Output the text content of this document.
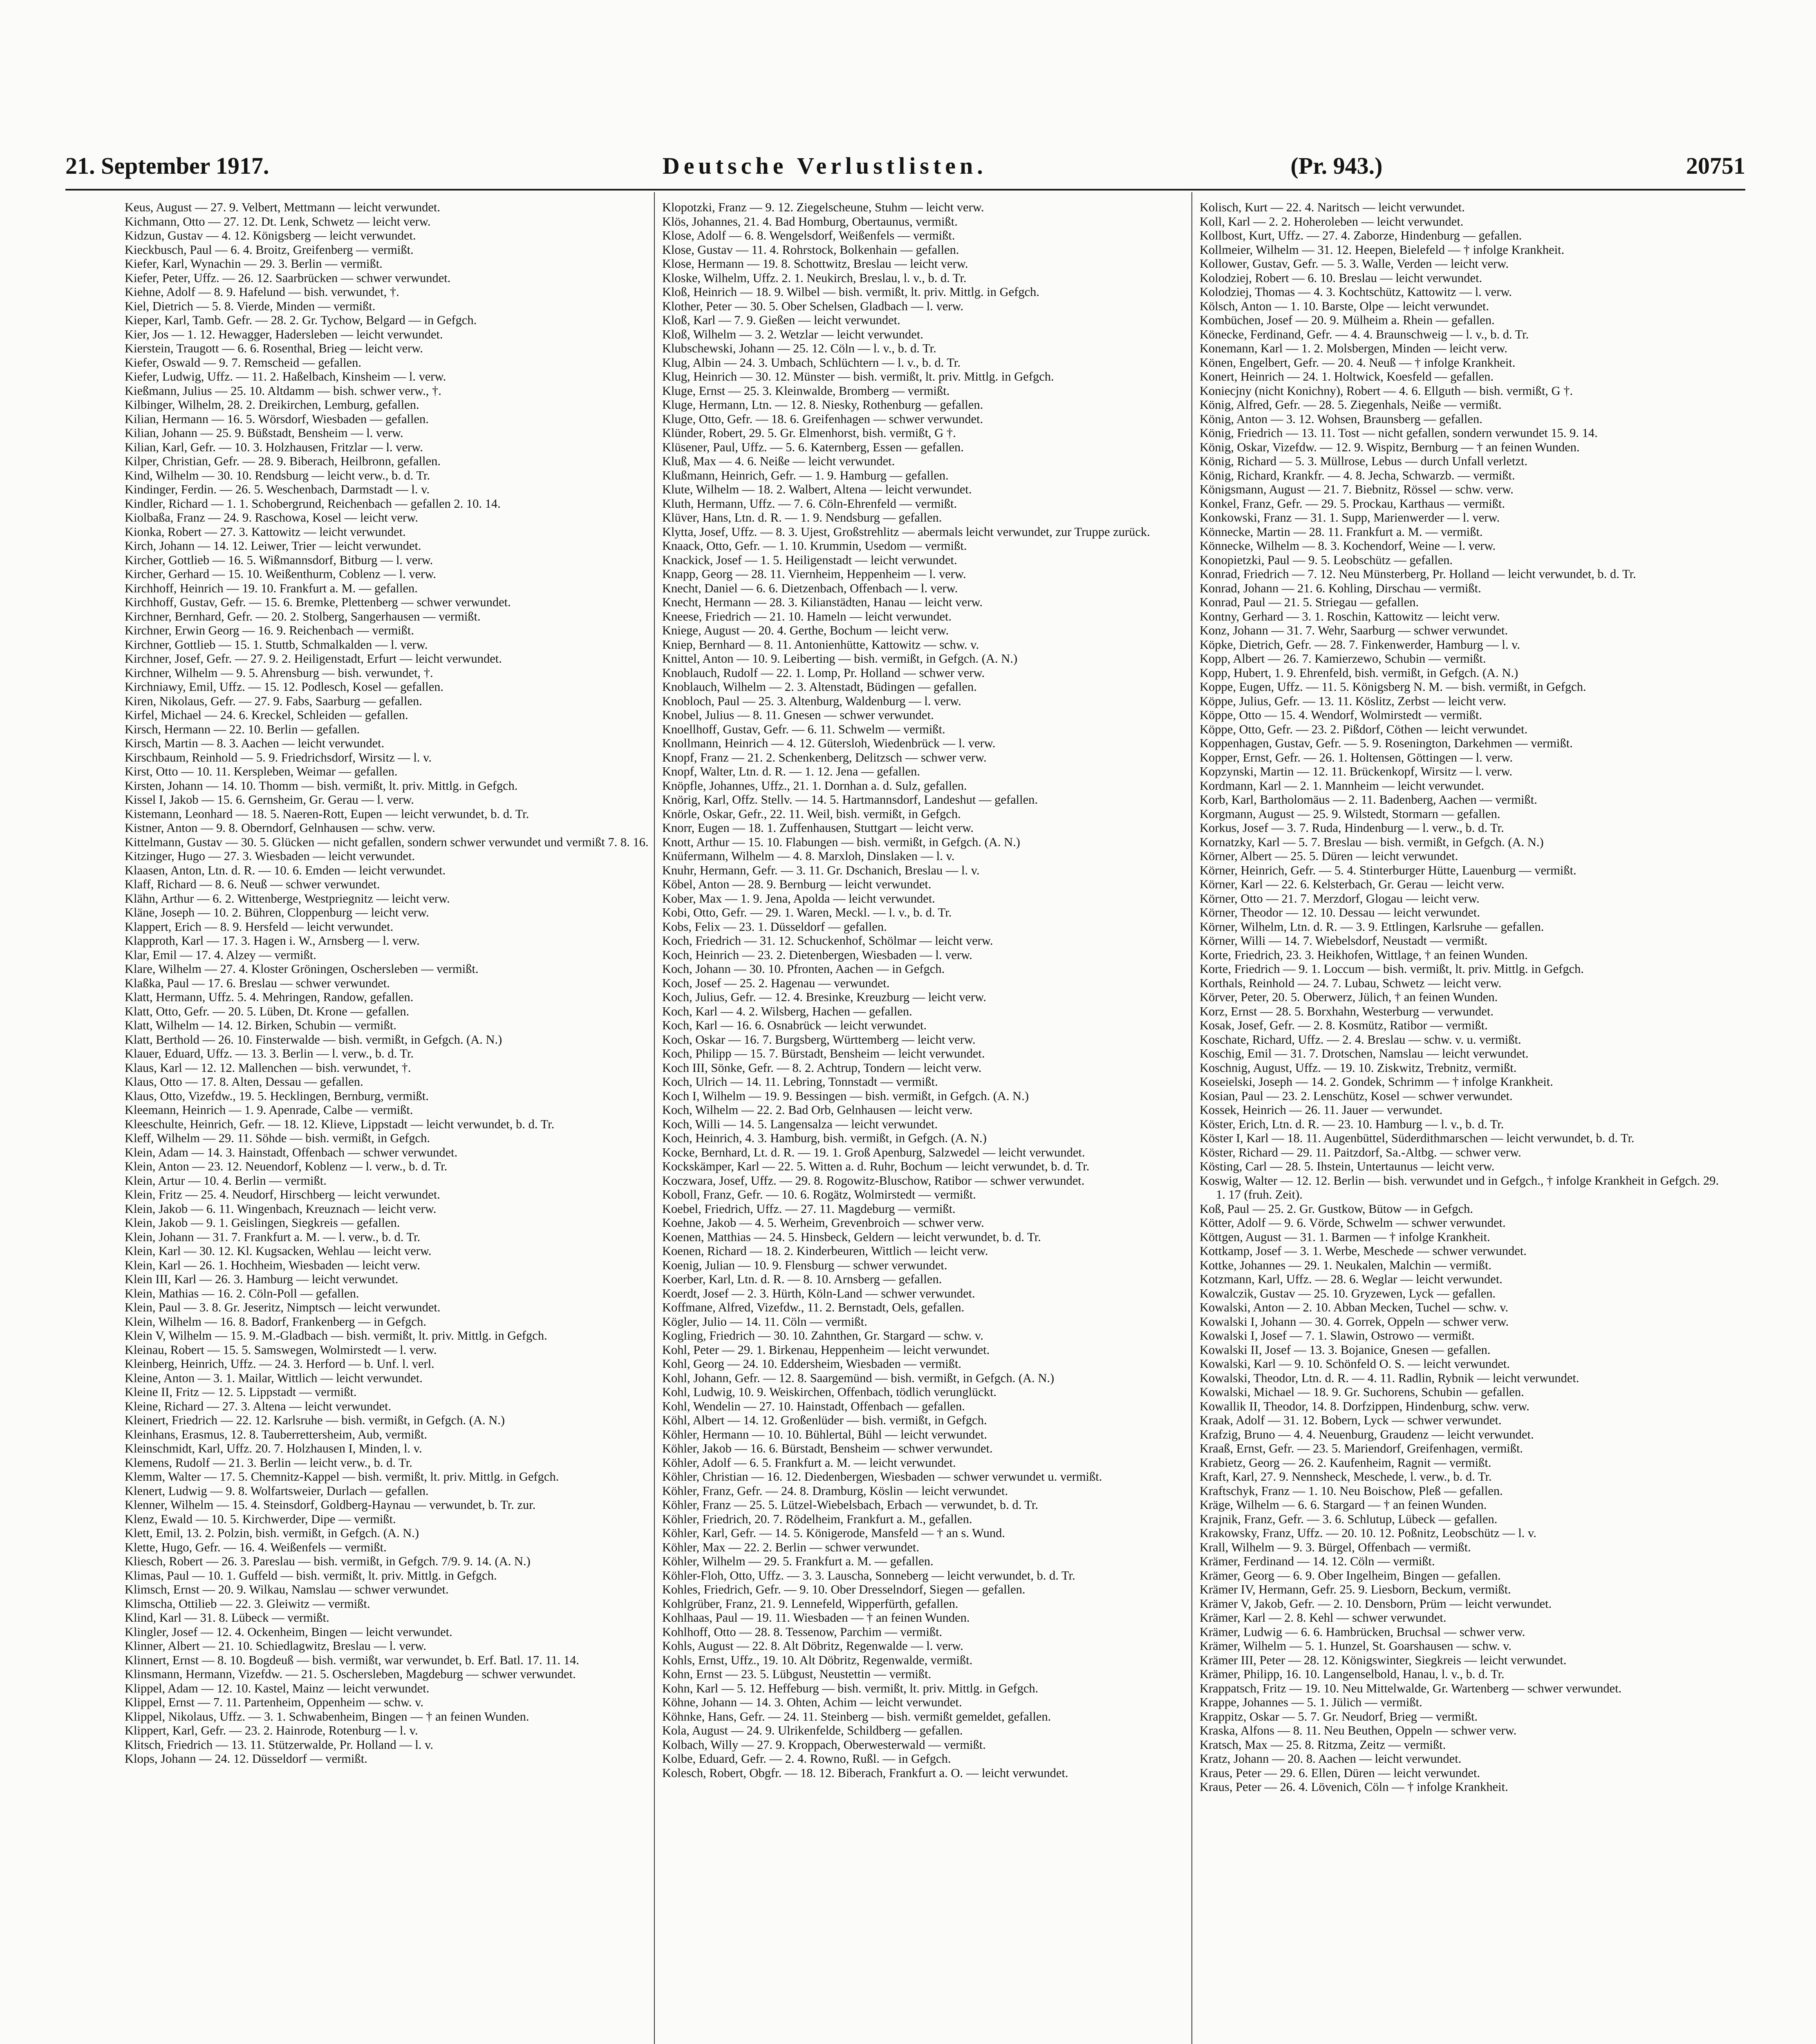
21. September 1917.	Deutsche Verlustlisten.	(Pr. 943.)	20751
Keus, August — 27. 9. Velbert, Mettmann — leicht verwundet.
Kichmann, Otto — 27. 12. Dt. Lenk, Schwetz — leicht verw.
Kidzun, Gustav — 4. 12. Königsberg — leicht verwundet.
Kieckbusch, Paul — 6. 4. Broitz, Greifenberg — vermißt.
Kiefer, Karl, Wynachin — 29. 3. Berlin — vermißt.
Kiefer, Peter, Uffz. — 26. 12. Saarbrücken — schwer verwundet.
Kiehne, Adolf — 8. 9. Hafelund — bish. verwundet, †.
Kiel, Dietrich — 5. 8. Vierde, Minden — vermißt.
Kieper, Karl, Tamb. Gefr. — 28. 2. Gr. Tychow, Belgard — in Gefgch.
Kier, Jos — 1. 12. Hewagger, Hadersleben — leicht verwundet.
Kierstein, Traugott — 6. 6. Rosenthal, Brieg — leicht verw.
Kiefer, Oswald — 9. 7. Remscheid — gefallen.
Kiefer, Ludwig, Uffz. — 11. 2. Haßelbach, Kinsheim — l. verw.
Kießmann, Julius — 25. 10. Altdamm — bish. schwer verw., †.
Kilbinger, Wilhelm, 28. 2. Dreikirchen, Lemburg, gefallen.
Kilian, Hermann — 16. 5. Wörsdorf, Wiesbaden — gefallen.
Kilian, Johann — 25. 9. Büßstadt, Bensheim — l. verw.
Kilian, Karl, Gefr. — 10. 3. Holzhausen, Fritzlar — l. verw.
Kilper, Christian, Gefr. — 28. 9. Biberach, Heilbronn, gefallen.
Kind, Wilhelm — 30. 10. Rendsburg — leicht verw., b. d. Tr.
Kindinger, Ferdin. — 26. 5. Weschenbach, Darmstadt — l. v.
Kindler, Richard — 1. 1. Schobergrund, Reichenbach — gefallen 2. 10. 14.
Kiolbaßa, Franz — 24. 9. Raschowa, Kosel — leicht verw.
Kionka, Robert — 27. 3. Kattowitz — leicht verwundet.
Kirch, Johann — 14. 12. Leiwer, Trier — leicht verwundet.
Kircher, Gottlieb — 16. 5. Wißmannsdorf, Bitburg — l. verw.
Kircher, Gerhard — 15. 10. Weißenthurm, Coblenz — l. verw.
Kirchhoff, Heinrich — 19. 10. Frankfurt a. M. — gefallen.
Kirchhoff, Gustav, Gefr. — 15. 6. Bremke, Plettenberg — schwer verwundet.
Kirchner, Bernhard, Gefr. — 20. 2. Stolberg, Sangerhausen — vermißt.
Kirchner, Erwin Georg — 16. 9. Reichenbach — vermißt.
Kirchner, Gottlieb — 15. 1. Stuttb, Schmalkalden — l. verw.
Kirchner, Josef, Gefr. — 27. 9. 2. Heiligenstadt, Erfurt — leicht verwundet.
Kirchner, Wilhelm — 9. 5. Ahrensburg — bish. verwundet, †.
Kirchniawy, Emil, Uffz. — 15. 12. Podlesch, Kosel — gefallen.
Kiren, Nikolaus, Gefr. — 27. 9. Fabs, Saarburg — gefallen.
Kirfel, Michael — 24. 6. Kreckel, Schleiden — gefallen.
Kirsch, Hermann — 22. 10. Berlin — gefallen.
Kirsch, Martin — 8. 3. Aachen — leicht verwundet.
Kirschbaum, Reinhold — 5. 9. Friedrichsdorf, Wirsitz — l. v.
Kirst, Otto — 10. 11. Kerspleben, Weimar — gefallen.
Kirsten, Johann — 14. 10. Thomm — bish. vermißt, lt. priv. Mittlg. in Gefgch.
Kissel I, Jakob — 15. 6. Gernsheim, Gr. Gerau — l. verw.
Kistemann, Leonhard — 18. 5. Naeren-Rott, Eupen — leicht verwundet, b. d. Tr.
Kistner, Anton — 9. 8. Oberndorf, Gelnhausen — schw. verw.
Kittelmann, Gustav — 30. 5. Glücken — nicht gefallen, sondern schwer verwundet und vermißt 7. 8. 16.
Kitzinger, Hugo — 27. 3. Wiesbaden — leicht verwundet.
Klaasen, Anton, Ltn. d. R. — 10. 6. Emden — leicht verwundet.
Klaff, Richard — 8. 6. Neuß — schwer verwundet.
Klähn, Arthur — 6. 2. Wittenberge, Westpriegnitz — leicht verw.
Kläne, Joseph — 10. 2. Bühren, Cloppenburg — leicht verw.
Klappert, Erich — 8. 9. Hersfeld — leicht verwundet.
Klapproth, Karl — 17. 3. Hagen i. W., Arnsberg — l. verw.
Klar, Emil — 17. 4. Alzey — vermißt.
Klare, Wilhelm — 27. 4. Kloster Gröningen, Oschersleben — vermißt.
Klaßka, Paul — 17. 6. Breslau — schwer verwundet.
Klatt, Hermann, Uffz. 5. 4. Mehringen, Randow, gefallen.
Klatt, Otto, Gefr. — 20. 5. Lüben, Dt. Krone — gefallen.
Klatt, Wilhelm — 14. 12. Birken, Schubin — vermißt.
Klatt, Berthold — 26. 10. Finsterwalde — bish. vermißt, in Gefgch. (A. N.)
Klauer, Eduard, Uffz. — 13. 3. Berlin — l. verw., b. d. Tr.
Klaus, Karl — 12. 12. Mallenchen — bish. verwundet, †.
Klaus, Otto — 17. 8. Alten, Dessau — gefallen.
Klaus, Otto, Vizefdw., 19. 5. Hecklingen, Bernburg, vermißt.
Kleemann, Heinrich — 1. 9. Apenrade, Calbe — vermißt.
Kleeschulte, Heinrich, Gefr. — 18. 12. Klieve, Lippstadt — leicht verwundet, b. d. Tr.
Kleff, Wilhelm — 29. 11. Söhde — bish. vermißt, in Gefgch.
Klein, Adam — 14. 3. Hainstadt, Offenbach — schwer verwundet.
Klein, Anton — 23. 12. Neuendorf, Koblenz — l. verw., b. d. Tr.
Klein, Artur — 10. 4. Berlin — vermißt.
Klein, Fritz — 25. 4. Neudorf, Hirschberg — leicht verwundet.
Klein, Jakob — 6. 11. Wingenbach, Kreuznach — leicht verw.
Klein, Jakob — 9. 1. Geislingen, Siegkreis — gefallen.
Klein, Johann — 31. 7. Frankfurt a. M. — l. verw., b. d. Tr.
Klein, Karl — 30. 12. Kl. Kugsacken, Wehlau — leicht verw.
Klein, Karl — 26. 1. Hochheim, Wiesbaden — leicht verw.
Klein III, Karl — 26. 3. Hamburg — leicht verwundet.
Klein, Mathias — 16. 2. Cöln-Poll — gefallen.
Klein, Paul — 3. 8. Gr. Jeseritz, Nimptsch — leicht verwundet.
Klein, Wilhelm — 16. 8. Badorf, Frankenberg — in Gefgch.
Klein V, Wilhelm — 15. 9. M.-Gladbach — bish. vermißt, lt. priv. Mittlg. in Gefgch.
Kleinau, Robert — 15. 5. Samswegen, Wolmirstedt — l. verw.
Kleinberg, Heinrich, Uffz. — 24. 3. Herford — b. Unf. l. verl.
Kleine, Anton — 3. 1. Mailar, Wittlich — leicht verwundet.
Kleine II, Fritz — 12. 5. Lippstadt — vermißt.
Kleine, Richard — 27. 3. Altena — leicht verwundet.
Kleinert, Friedrich — 22. 12. Karlsruhe — bish. vermißt, in Gefgch. (A. N.)
Kleinhans, Erasmus, 12. 8. Tauberrettersheim, Aub, vermißt.
Kleinschmidt, Karl, Uffz. 20. 7. Holzhausen I, Minden, l. v.
Klemens, Rudolf — 21. 3. Berlin — leicht verw., b. d. Tr.
Klemm, Walter — 17. 5. Chemnitz-Kappel — bish. vermißt, lt. priv. Mittlg. in Gefgch.
Klenert, Ludwig — 9. 8. Wolfartsweier, Durlach — gefallen.
Klenner, Wilhelm — 15. 4. Steinsdorf, Goldberg-Haynau — verwundet, b. Tr. zur.
Klenz, Ewald — 10. 5. Kirchwerder, Dipe — vermißt.
Klett, Emil, 13. 2. Polzin, bish. vermißt, in Gefgch. (A. N.)
Klette, Hugo, Gefr. — 16. 4. Weißenfels — vermißt.
Kliesch, Robert — 26. 3. Pareslau — bish. vermißt, in Gefgch. 7/9. 9. 14. (A. N.)
Klimas, Paul — 10. 1. Guffeld — bish. vermißt, lt. priv. Mittlg. in Gefgch.
Klimsch, Ernst — 20. 9. Wilkau, Namslau — schwer verwundet.
Klimscha, Ottilieb — 22. 3. Gleiwitz — vermißt.
Klind, Karl — 31. 8. Lübeck — vermißt.
Klingler, Josef — 12. 4. Ockenheim, Bingen — leicht verwundet.
Klinner, Albert — 21. 10. Schiedlagwitz, Breslau — l. verw.
Klinnert, Ernst — 8. 10. Bogdeuß — bish. vermißt, war verwundet, b. Erf. Batl. 17. 11. 14.
Klinsmann, Hermann, Vizefdw. — 21. 5. Oschersleben, Magdeburg — schwer verwundet.
Klippel, Adam — 12. 10. Kastel, Mainz — leicht verwundet.
Klippel, Ernst — 7. 11. Partenheim, Oppenheim — schw. v.
Klippel, Nikolaus, Uffz. — 3. 1. Schwabenheim, Bingen — † an feinen Wunden.
Klippert, Karl, Gefr. — 23. 2. Hainrode, Rotenburg — l. v.
Klitsch, Friedrich — 13. 11. Stützerwalde, Pr. Holland — l. v.
Klops, Johann — 24. 12. Düsseldorf — vermißt.
Klopotzki, Franz — 9. 12. Ziegelscheune, Stuhm — leicht verw.
Klös, Johannes, 21. 4. Bad Homburg, Obertaunus, vermißt.
Klose, Adolf — 6. 8. Wengelsdorf, Weißenfels — vermißt.
Klose, Gustav — 11. 4. Rohrstock, Bolkenhain — gefallen.
Klose, Hermann — 19. 8. Schottwitz, Breslau — leicht verw.
Kloske, Wilhelm, Uffz. 2. 1. Neukirch, Breslau, l. v., b. d. Tr.
Kloß, Heinrich — 18. 9. Wilbel — bish. vermißt, lt. priv. Mittlg. in Gefgch.
Klother, Peter — 30. 5. Ober Schelsen, Gladbach — l. verw.
Kloß, Karl — 7. 9. Gießen — leicht verwundet.
Kloß, Wilhelm — 3. 2. Wetzlar — leicht verwundet.
Klubschewski, Johann — 25. 12. Cöln — l. v., b. d. Tr.
Klug, Albin — 24. 3. Umbach, Schlüchtern — l. v., b. d. Tr.
Klug, Heinrich — 30. 12. Münster — bish. vermißt, lt. priv. Mittlg. in Gefgch.
Kluge, Ernst — 25. 3. Kleinwalde, Bromberg — vermißt.
Kluge, Hermann, Ltn. — 12. 8. Niesky, Rothenburg — gefallen.
Kluge, Otto, Gefr. — 18. 6. Greifenhagen — schwer verwundet.
Klünder, Robert, 29. 5. Gr. Elmenhorst, bish. vermißt, G †.
Klüsener, Paul, Uffz. — 5. 6. Katernberg, Essen — gefallen.
Kluß, Max — 4. 6. Neiße — leicht verwundet.
Klußmann, Heinrich, Gefr. — 1. 9. Hamburg — gefallen.
Klute, Wilhelm — 18. 2. Walbert, Altena — leicht verwundet.
Kluth, Hermann, Uffz. — 7. 6. Cöln-Ehrenfeld — vermißt.
Klüver, Hans, Ltn. d. R. — 1. 9. Nendsburg — gefallen.
Klytta, Josef, Uffz. — 8. 3. Ujest, Großstrehlitz — abermals leicht verwundet, zur Truppe zurück.
Knaack, Otto, Gefr. — 1. 10. Krummin, Usedom — vermißt.
Knackick, Josef — 1. 5. Heiligenstadt — leicht verwundet.
Knapp, Georg — 28. 11. Viernheim, Heppenheim — l. verw.
Knecht, Daniel — 6. 6. Dietzenbach, Offenbach — l. verw.
Knecht, Hermann — 28. 3. Kilianstädten, Hanau — leicht verw.
Kneese, Friedrich — 21. 10. Hameln — leicht verwundet.
Kniege, August — 20. 4. Gerthe, Bochum — leicht verw.
Kniep, Bernhard — 8. 11. Antonienhütte, Kattowitz — schw. v.
Knittel, Anton — 10. 9. Leiberting — bish. vermißt, in Gefgch. (A. N.)
Knoblauch, Rudolf — 22. 1. Lomp, Pr. Holland — schwer verw.
Knoblauch, Wilhelm — 2. 3. Altenstadt, Büdingen — gefallen.
Knobloch, Paul — 25. 3. Altenburg, Waldenburg — l. verw.
Knobel, Julius — 8. 11. Gnesen — schwer verwundet.
Knoellhoff, Gustav, Gefr. — 6. 11. Schwelm — vermißt.
Knollmann, Heinrich — 4. 12. Gütersloh, Wiedenbrück — l. verw.
Knopf, Franz — 21. 2. Schenkenberg, Delitzsch — schwer verw.
Knopf, Walter, Ltn. d. R. — 1. 12. Jena — gefallen.
Knöpfle, Johannes, Uffz., 21. 1. Dornhan a. d. Sulz, gefallen.
Knörig, Karl, Offz. Stellv. — 14. 5. Hartmannsdorf, Landeshut — gefallen.
Knörle, Oskar, Gefr., 22. 11. Weil, bish. vermißt, in Gefgch.
Knorr, Eugen — 18. 1. Zuffenhausen, Stuttgart — leicht verw.
Knott, Arthur — 15. 10. Flabungen — bish. vermißt, in Gefgch. (A. N.)
Knüfermann, Wilhelm — 4. 8. Marxloh, Dinslaken — l. v.
Knuhr, Hermann, Gefr. — 3. 11. Gr. Dschanich, Breslau — l. v.
Köbel, Anton — 28. 9. Bernburg — leicht verwundet.
Kober, Max — 1. 9. Jena, Apolda — leicht verwundet.
Kobi, Otto, Gefr. — 29. 1. Waren, Meckl. — l. v., b. d. Tr.
Kobs, Felix — 23. 1. Düsseldorf — gefallen.
Koch, Friedrich — 31. 12. Schuckenhof, Schölmar — leicht verw.
Koch, Heinrich — 23. 2. Dietenbergen, Wiesbaden — l. verw.
Koch, Johann — 30. 10. Pfronten, Aachen — in Gefgch.
Koch, Josef — 25. 2. Hagenau — verwundet.
Koch, Julius, Gefr. — 12. 4. Bresinke, Kreuzburg — leicht verw.
Koch, Karl — 4. 2. Wilsberg, Hachen — gefallen.
Koch, Karl — 16. 6. Osnabrück — leicht verwundet.
Koch, Oskar — 16. 7. Burgsberg, Württemberg — leicht verw.
Koch, Philipp — 15. 7. Bürstadt, Bensheim — leicht verwundet.
Koch III, Sönke, Gefr. — 8. 2. Achtrup, Tondern — leicht verw.
Koch, Ulrich — 14. 11. Lebring, Tonnstadt — vermißt.
Koch I, Wilhelm — 19. 9. Bessingen — bish. vermißt, in Gefgch. (A. N.)
Koch, Wilhelm — 22. 2. Bad Orb, Gelnhausen — leicht verw.
Koch, Willi — 14. 5. Langensalza — leicht verwundet.
Koch, Heinrich, 4. 3. Hamburg, bish. vermißt, in Gefgch. (A. N.)
Kocke, Bernhard, Lt. d. R. — 19. 1. Groß Apenburg, Salzwedel — leicht verwundet.
Kockskämper, Karl — 22. 5. Witten a. d. Ruhr, Bochum — leicht verwundet, b. d. Tr.
Koczwara, Josef, Uffz. — 29. 8. Rogowitz-Bluschow, Ratibor — schwer verwundet.
Koboll, Franz, Gefr. — 10. 6. Rogätz, Wolmirstedt — vermißt.
Koebel, Friedrich, Uffz. — 27. 11. Magdeburg — vermißt.
Koehne, Jakob — 4. 5. Werheim, Grevenbroich — schwer verw.
Koenen, Matthias — 24. 5. Hinsbeck, Geldern — leicht verwundet, b. d. Tr.
Koenen, Richard — 18. 2. Kinderbeuren, Wittlich — leicht verw.
Koenig, Julian — 10. 9. Flensburg — schwer verwundet.
Koerber, Karl, Ltn. d. R. — 8. 10. Arnsberg — gefallen.
Koerdt, Josef — 2. 3. Hürth, Köln-Land — schwer verwundet.
Koffmane, Alfred, Vizefdw., 11. 2. Bernstadt, Oels, gefallen.
Kögler, Julio — 14. 11. Cöln — vermißt.
Kogling, Friedrich — 30. 10. Zahnthen, Gr. Stargard — schw. v.
Kohl, Peter — 29. 1. Birkenau, Heppenheim — leicht verwundet.
Kohl, Georg — 24. 10. Eddersheim, Wiesbaden — vermißt.
Kohl, Johann, Gefr. — 12. 8. Saargemünd — bish. vermißt, in Gefgch. (A. N.)
Kohl, Ludwig, 10. 9. Weiskirchen, Offenbach, tödlich verunglückt.
Kohl, Wendelin — 27. 10. Hainstadt, Offenbach — gefallen.
Köhl, Albert — 14. 12. Großenlüder — bish. vermißt, in Gefgch.
Köhler, Hermann — 10. 10. Bühlertal, Bühl — leicht verwundet.
Köhler, Jakob — 16. 6. Bürstadt, Bensheim — schwer verwundet.
Köhler, Adolf — 6. 5. Frankfurt a. M. — leicht verwundet.
Köhler, Christian — 16. 12. Diedenbergen, Wiesbaden — schwer verwundet u. vermißt.
Köhler, Franz, Gefr. — 24. 8. Dramburg, Köslin — leicht verwundet.
Köhler, Franz — 25. 5. Lützel-Wiebelsbach, Erbach — verwundet, b. d. Tr.
Köhler, Friedrich, 20. 7. Rödelheim, Frankfurt a. M., gefallen.
Köhler, Karl, Gefr. — 14. 5. Königerode, Mansfeld — † an s. Wund.
Köhler, Max — 22. 2. Berlin — schwer verwundet.
Köhler, Wilhelm — 29. 5. Frankfurt a. M. — gefallen.
Köhler-Floh, Otto, Uffz. — 3. 3. Lauscha, Sonneberg — leicht verwundet, b. d. Tr.
Kohles, Friedrich, Gefr. — 9. 10. Ober Dresselndorf, Siegen — gefallen.
Kohlgrüber, Franz, 21. 9. Lennefeld, Wipperfürth, gefallen.
Kohlhaas, Paul — 19. 11. Wiesbaden — † an feinen Wunden.
Kohlhoff, Otto — 28. 8. Tessenow, Parchim — vermißt.
Kohls, August — 22. 8. Alt Döbritz, Regenwalde — l. verw.
Kohls, Ernst, Uffz., 19. 10. Alt Döbritz, Regenwalde, vermißt.
Kohn, Ernst — 23. 5. Lübgust, Neustettin — vermißt.
Kohn, Karl — 5. 12. Heffeburg — bish. vermißt, lt. priv. Mittlg. in Gefgch.
Köhne, Johann — 14. 3. Ohten, Achim — leicht verwundet.
Köhnke, Hans, Gefr. — 24. 11. Steinberg — bish. vermißt gemeldet, gefallen.
Kola, August — 24. 9. Ulrikenfelde, Schildberg — gefallen.
Kolbach, Willy — 27. 9. Kroppach, Oberwesterwald — vermißt.
Kolbe, Eduard, Gefr. — 2. 4. Rowno, Rußl. — in Gefgch.
Kolesch, Robert, Obgfr. — 18. 12. Biberach, Frankfurt a. O. — leicht verwundet.
Kolisch, Kurt — 22. 4. Naritsch — leicht verwundet.
Koll, Karl — 2. 2. Hoheroleben — leicht verwundet.
Kollbost, Kurt, Uffz. — 27. 4. Zaborze, Hindenburg — gefallen.
Kollmeier, Wilhelm — 31. 12. Heepen, Bielefeld — † infolge Krankheit.
Kollower, Gustav, Gefr. — 5. 3. Walle, Verden — leicht verw.
Kolodziej, Robert — 6. 10. Breslau — leicht verwundet.
Kolodziej, Thomas — 4. 3. Kochtschütz, Kattowitz — l. verw.
Kölsch, Anton — 1. 10. Barste, Olpe — leicht verwundet.
Kombüchen, Josef — 20. 9. Mülheim a. Rhein — gefallen.
Könecke, Ferdinand, Gefr. — 4. 4. Braunschweig — l. v., b. d. Tr.
Konemann, Karl — 1. 2. Molsbergen, Minden — leicht verw.
Könen, Engelbert, Gefr. — 20. 4. Neuß — † infolge Krankheit.
Konert, Heinrich — 24. 1. Holtwick, Koesfeld — gefallen.
Koniecjny (nicht Konichny), Robert — 4. 6. Ellguth — bish. vermißt, G †.
König, Alfred, Gefr. — 28. 5. Ziegenhals, Neiße — vermißt.
König, Anton — 3. 12. Wohsen, Braunsberg — gefallen.
König, Friedrich — 13. 11. Tost — nicht gefallen, sondern verwundet 15. 9. 14.
König, Oskar, Vizefdw. — 12. 9. Wispitz, Bernburg — † an feinen Wunden.
König, Richard — 5. 3. Müllrose, Lebus — durch Unfall verletzt.
König, Richard, Krankfr. — 4. 8. Jecha, Schwarzb. — vermißt.
Königsmann, August — 21. 7. Biebnitz, Rössel — schw. verw.
Konkel, Franz, Gefr. — 29. 5. Prockau, Karthaus — vermißt.
Konkowski, Franz — 31. 1. Supp, Marienwerder — l. verw.
Könnecke, Martin — 28. 11. Frankfurt a. M. — vermißt.
Könnecke, Wilhelm — 8. 3. Kochendorf, Weine — l. verw.
Konopietzki, Paul — 9. 5. Leobschütz — gefallen.
Konrad, Friedrich — 7. 12. Neu Münsterberg, Pr. Holland — leicht verwundet, b. d. Tr.
Konrad, Johann — 21. 6. Kohling, Dirschau — vermißt.
Konrad, Paul — 21. 5. Striegau — gefallen.
Kontny, Gerhard — 3. 1. Roschin, Kattowitz — leicht verw.
Konz, Johann — 31. 7. Wehr, Saarburg — schwer verwundet.
Köpke, Dietrich, Gefr. — 28. 7. Finkenwerder, Hamburg — l. v.
Kopp, Albert — 26. 7. Kamierzewo, Schubin — vermißt.
Kopp, Hubert, 1. 9. Ehrenfeld, bish. vermißt, in Gefgch. (A. N.)
Koppe, Eugen, Uffz. — 11. 5. Königsberg N. M. — bish. vermißt, in Gefgch.
Köppe, Julius, Gefr. — 13. 11. Köslitz, Zerbst — leicht verw.
Köppe, Otto — 15. 4. Wendorf, Wolmirstedt — vermißt.
Köppe, Otto, Gefr. — 23. 2. Pißdorf, Cöthen — leicht verwundet.
Koppenhagen, Gustav, Gefr. — 5. 9. Rosenington, Darkehmen — vermißt.
Kopper, Ernst, Gefr. — 26. 1. Holtensen, Göttingen — l. verw.
Kopzynski, Martin — 12. 11. Brückenkopf, Wirsitz — l. verw.
Kordmann, Karl — 2. 1. Mannheim — leicht verwundet.
Korb, Karl, Bartholomäus — 2. 11. Badenberg, Aachen — vermißt.
Korgmann, August — 25. 9. Wilstedt, Stormarn — gefallen.
Korkus, Josef — 3. 7. Ruda, Hindenburg — l. verw., b. d. Tr.
Kornatzky, Karl — 5. 7. Breslau — bish. vermißt, in Gefgch. (A. N.)
Körner, Albert — 25. 5. Düren — leicht verwundet.
Körner, Heinrich, Gefr. — 5. 4. Stinterburger Hütte, Lauenburg — vermißt.
Körner, Karl — 22. 6. Kelsterbach, Gr. Gerau — leicht verw.
Körner, Otto — 21. 7. Merzdorf, Glogau — leicht verw.
Körner, Theodor — 12. 10. Dessau — leicht verwundet.
Körner, Wilhelm, Ltn. d. R. — 3. 9. Ettlingen, Karlsruhe — gefallen.
Körner, Willi — 14. 7. Wiebelsdorf, Neustadt — vermißt.
Korte, Friedrich, 23. 3. Heikhofen, Wittlage, † an feinen Wunden.
Korte, Friedrich — 9. 1. Loccum — bish. vermißt, lt. priv. Mittlg. in Gefgch.
Korthals, Reinhold — 24. 7. Lubau, Schwetz — leicht verw.
Körver, Peter, 20. 5. Oberwerz, Jülich, † an feinen Wunden.
Korz, Ernst — 28. 5. Borxhahn, Westerburg — verwundet.
Kosak, Josef, Gefr. — 2. 8. Kosmütz, Ratibor — vermißt.
Koschate, Richard, Uffz. — 2. 4. Breslau — schw. v. u. vermißt.
Koschig, Emil — 31. 7. Drotschen, Namslau — leicht verwundet.
Koschnig, August, Uffz. — 19. 10. Ziskwitz, Trebnitz, vermißt.
Koseielski, Joseph — 14. 2. Gondek, Schrimm — † infolge Krankheit.
Kosian, Paul — 23. 2. Lenschütz, Kosel — schwer verwundet.
Kossek, Heinrich — 26. 11. Jauer — verwundet.
Köster, Erich, Ltn. d. R. — 23. 10. Hamburg — l. v., b. d. Tr.
Köster I, Karl — 18. 11. Augenbüttel, Süderdithmarschen — leicht verwundet, b. d. Tr.
Köster, Richard — 29. 11. Paitzdorf, Sa.-Altbg. — schwer verw.
Kösting, Carl — 28. 5. Ihstein, Untertaunus — leicht verw.
Koswig, Walter — 12. 12. Berlin — bish. verwundet und in Gefgch., † infolge Krankheit in Gefgch. 29. 1. 17 (fruh. Zeit).
Koß, Paul — 25. 2. Gr. Gustkow, Bütow — in Gefgch.
Kötter, Adolf — 9. 6. Vörde, Schwelm — schwer verwundet.
Köttgen, August — 31. 1. Barmen — † infolge Krankheit.
Kottkamp, Josef — 3. 1. Werbe, Meschede — schwer verwundet.
Kottke, Johannes — 29. 1. Neukalen, Malchin — vermißt.
Kotzmann, Karl, Uffz. — 28. 6. Weglar — leicht verwundet.
Kowalczik, Gustav — 25. 10. Gryzewen, Lyck — gefallen.
Kowalski, Anton — 2. 10. Abban Mecken, Tuchel — schw. v.
Kowalski I, Johann — 30. 4. Gorrek, Oppeln — schwer verw.
Kowalski I, Josef — 7. 1. Slawin, Ostrowo — vermißt.
Kowalski II, Josef — 13. 3. Bojanice, Gnesen — gefallen.
Kowalski, Karl — 9. 10. Schönfeld O. S. — leicht verwundet.
Kowalski, Theodor, Ltn. d. R. — 4. 11. Radlin, Rybnik — leicht verwundet.
Kowalski, Michael — 18. 9. Gr. Suchorens, Schubin — gefallen.
Kowallik II, Theodor, 14. 8. Dorfzippen, Hindenburg, schw. verw.
Kraak, Adolf — 31. 12. Bobern, Lyck — schwer verwundet.
Krafzig, Bruno — 4. 4. Neuenburg, Graudenz — leicht verwundet.
Kraaß, Ernst, Gefr. — 23. 5. Mariendorf, Greifenhagen, vermißt.
Krabietz, Georg — 26. 2. Kaufenheim, Ragnit — vermißt.
Kraft, Karl, 27. 9. Nennsheck, Meschede, l. verw., b. d. Tr.
Kraftschyk, Franz — 1. 10. Neu Boischow, Pleß — gefallen.
Kräge, Wilhelm — 6. 6. Stargard — † an feinen Wunden.
Krajnik, Franz, Gefr. — 3. 6. Schlutup, Lübeck — gefallen.
Krakowsky, Franz, Uffz. — 20. 10. 12. Poßnitz, Leobschütz — l. v.
Krall, Wilhelm — 9. 3. Bürgel, Offenbach — vermißt.
Krämer, Ferdinand — 14. 12. Cöln — vermißt.
Krämer, Georg — 6. 9. Ober Ingelheim, Bingen — gefallen.
Krämer IV, Hermann, Gefr. 25. 9. Liesborn, Beckum, vermißt.
Krämer V, Jakob, Gefr. — 2. 10. Densborn, Prüm — leicht verwundet.
Krämer, Karl — 2. 8. Kehl — schwer verwundet.
Krämer, Ludwig — 6. 6. Hambrücken, Bruchsal — schwer verw.
Krämer, Wilhelm — 5. 1. Hunzel, St. Goarshausen — schw. v.
Krämer III, Peter — 28. 12. Königswinter, Siegkreis — leicht verwundet.
Krämer, Philipp, 16. 10. Langenselbold, Hanau, l. v., b. d. Tr.
Krappatsch, Fritz — 19. 10. Neu Mittelwalde, Gr. Wartenberg — schwer verwundet.
Krappe, Johannes — 5. 1. Jülich — vermißt.
Krappitz, Oskar — 5. 7. Gr. Neudorf, Brieg — vermißt.
Kraska, Alfons — 8. 11. Neu Beuthen, Oppeln — schwer verw.
Kratsch, Max — 25. 8. Ritzma, Zeitz — vermißt.
Kratz, Johann — 20. 8. Aachen — leicht verwundet.
Kraus, Peter — 29. 6. Ellen, Düren — leicht verwundet.
Kraus, Peter — 26. 4. Lövenich, Cöln — † infolge Krankheit.
